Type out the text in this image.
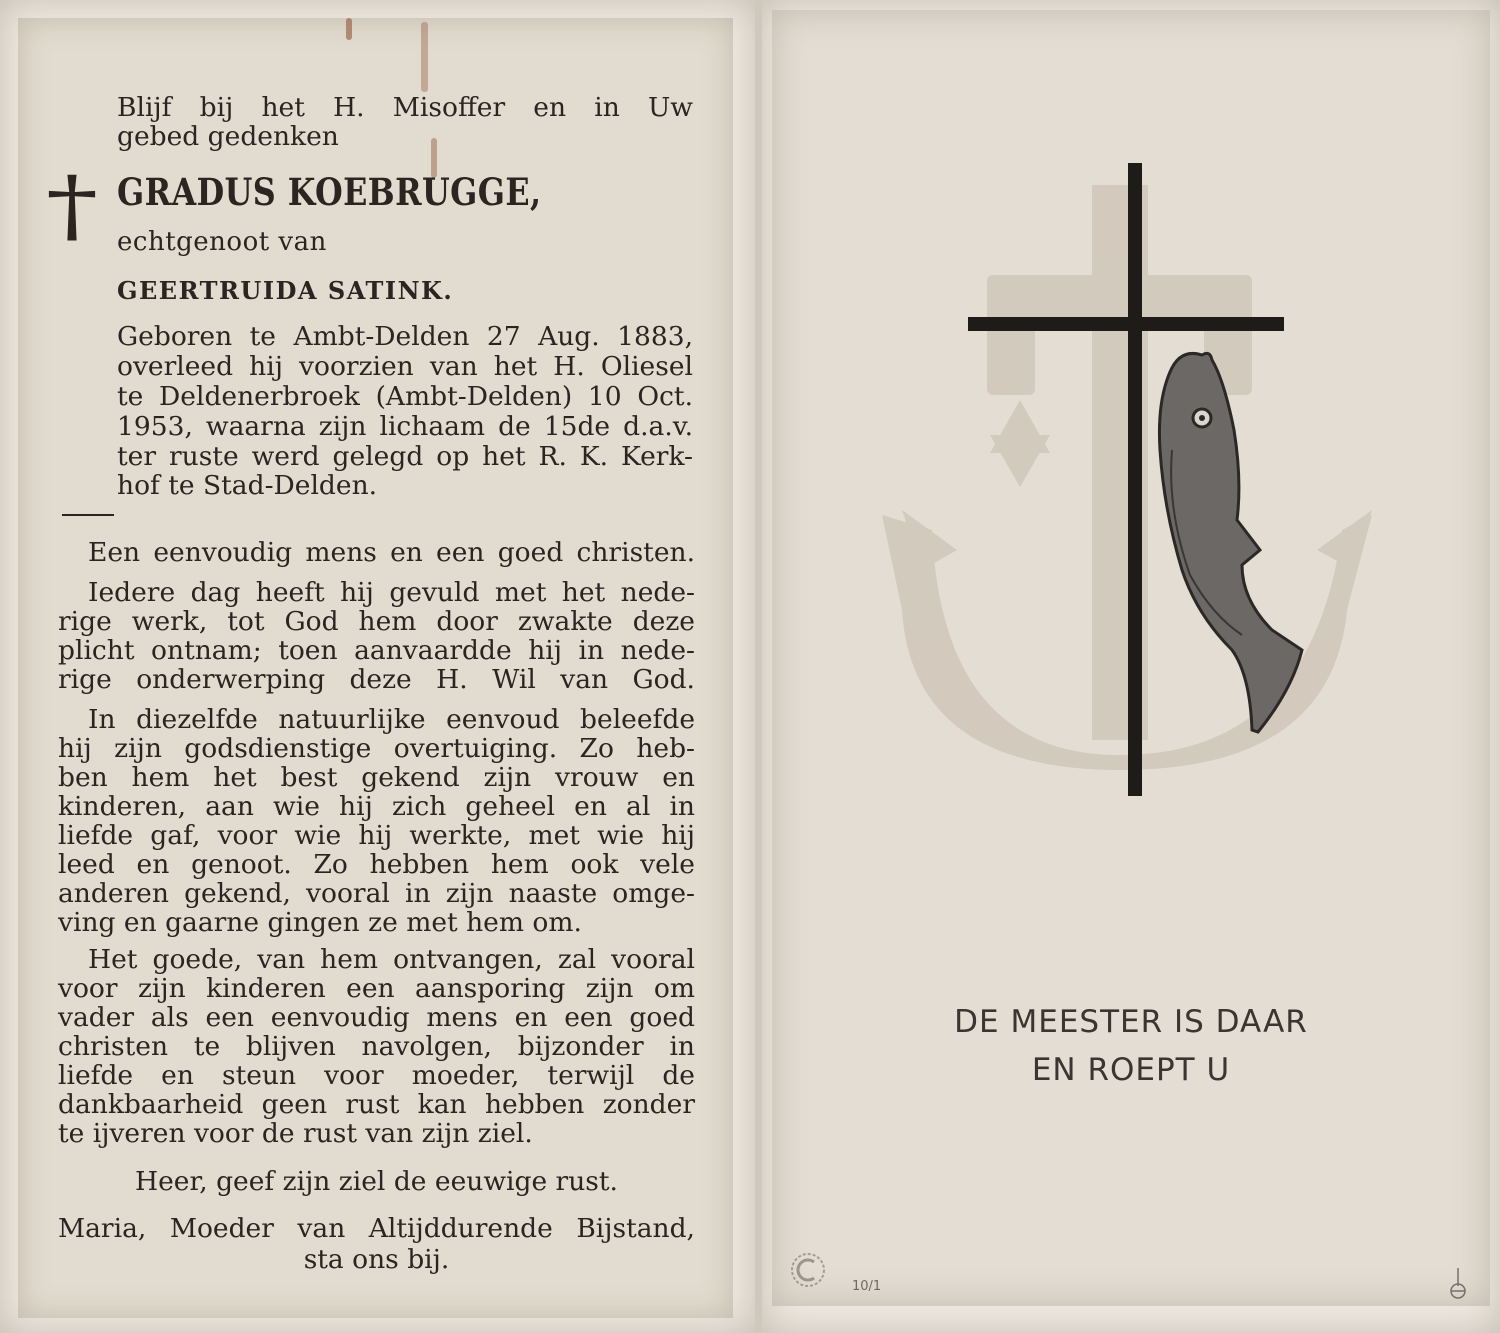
Blijf bij het H. Misoffer en in Uw

gebed gedenken

† GRADUS KOEBRUGGE,

echtgenoot van

GEERTRUIDA SATINK.

Geboren te Ambt-Delden 27 Aug. 1883,

overleed hij voorzien van het H. Oliesel

te Deldenerbroek (Ambt-Delden) 10 Oct.

1953, waarna zijn lichaam de 15de d.a.v.

ter ruste werd gelegd op het R. K. Kerk-

hof te Stad-Delden.

Een eenvoudig mens en een goed christen.

Iedere dag heeft hij gevuld met het nede-

rige werk, tot God hem door zwakte deze

plicht ontnam; toen aanvaardde hij in nede-

rige onderwerping deze H. Wil van God.

In diezelfde natuurlijke eenvoud beleefde

hij zijn godsdienstige overtuiging. Zo heb-

ben hem het best gekend zijn vrouw en

kinderen, aan wie hij zich geheel en al in

liefde gaf, voor wie hij werkte, met wie hij

leed en genoot. Zo hebben hem ook vele

anderen gekend, vooral in zijn naaste omge-

ving en gaarne gingen ze met hem om.

Het goede, van hem ontvangen, zal vooral

voor zijn kinderen een aansporing zijn om

vader als een eenvoudig mens en een goed

christen te blijven navolgen, bijzonder in

liefde en steun voor moeder, terwijl de

dankbaarheid geen rust kan hebben zonder

te ijveren voor de rust van zijn ziel.

Heer, geef zijn ziel de eeuwige rust.

Maria, Moeder van Altijddurende Bijstand,

sta ons bij.

DE MEESTER IS DAAR
EN ROEPT U
10/1
